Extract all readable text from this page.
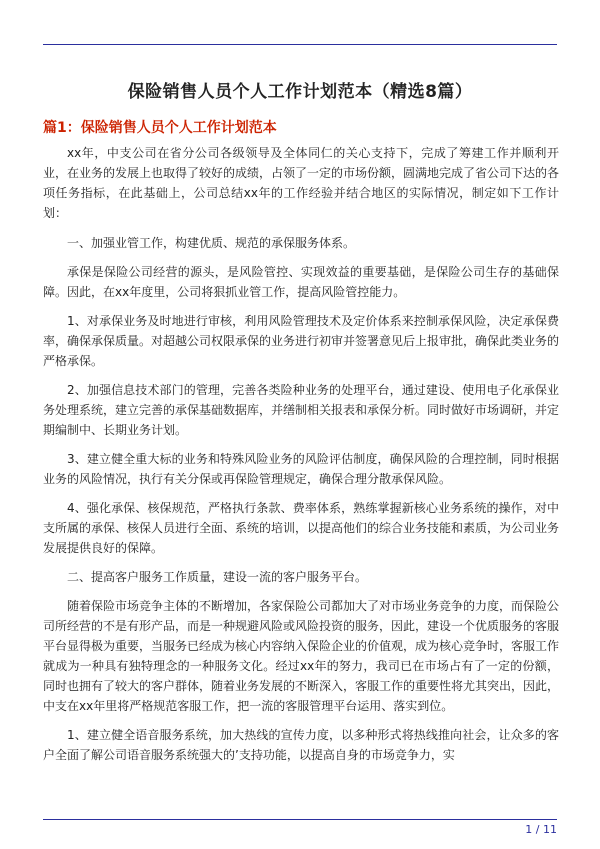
保险销售人员个人工作计划范本（精选8篇）
篇1：保险销售人员个人工作计划范本

xx年，中支公司在省分公司各级领导及全体同仁的关心支持下，完成了筹建工作并顺利开业，在业务的发展上也取得了较好的成绩，占领了一定的市场份额，圆满地完成了省公司下达的各项任务指标，在此基础上，公司总结xx年的工作经验并结合地区的实际情况，制定如下工作计划：

一、加强业管工作，构建优质、规范的承保服务体系。

承保是保险公司经营的源头，是风险管控、实现效益的重要基础，是保险公司生存的基础保障。因此，在xx年度里，公司将狠抓业管工作，提高风险管控能力。

1、对承保业务及时地进行审核，利用风险管理技术及定价体系来控制承保风险，决定承保费率，确保承保质量。对超越公司权限承保的业务进行初审并签署意见后上报审批，确保此类业务的严格承保。

2、加强信息技术部门的管理，完善各类险种业务的处理平台，通过建设、使用电子化承保业务处理系统，建立完善的承保基础数据库，并缮制相关报表和承保分析。同时做好市场调研，并定期编制中、长期业务计划。

3、建立健全重大标的业务和特殊风险业务的风险评估制度，确保风险的合理控制，同时根据业务的风险情况，执行有关分保或再保险管理规定，确保合理分散承保风险。

4、强化承保、核保规范，严格执行条款、费率体系，熟练掌握新核心业务系统的操作，对中支所属的承保、核保人员进行全面、系统的培训，以提高他们的综合业务技能和素质，为公司业务发展提供良好的保障。

二、提高客户服务工作质量，建设一流的客户服务平台。

随着保险市场竞争主体的不断增加，各家保险公司都加大了对市场业务竞争的力度，而保险公司所经营的不是有形产品，而是一种规避风险或风险投资的服务，因此，建设一个优质服务的客服平台显得极为重要，当服务已经成为核心内容纳入保险企业的价值观，成为核心竞争时，客服工作就成为一种具有独特理念的一种服务文化。经过xx年的努力，我司已在市场占有了一定的份额，同时也拥有了较大的客户群体，随着业务发展的不断深入，客服工作的重要性将尤其突出，因此，中支在xx年里将严格规范客服工作，把一流的客服管理平台运用、落实到位。

1、建立健全语音服务系统，加大热线的宣传力度，以多种形式将热线推向社会，让众多的客户全面了解公司语音服务系统强大的’支持功能，以提高自身的市场竞争力，实

1 / 11
